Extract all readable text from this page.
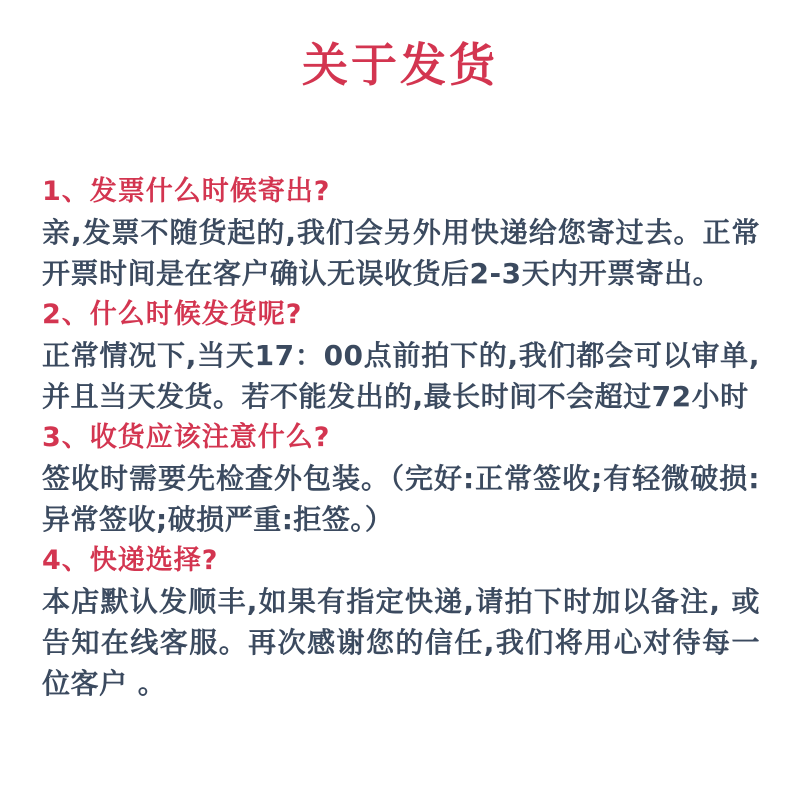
关于发货
1、发票什么时候寄出?
亲,发票不随货起的,我们会另外用快递给您寄过去。正常开票时间是在客户确认无误收货后2-3天内开票寄出。
2、什么时候发货呢?
正常情况下,当天17：00点前拍下的,我们都会可以审单,并且当天发货。若不能发出的,最长时间不会超过72小时
3、收货应该注意什么?
签收时需要先检查外包装。（完好:正常签收;有轻微破损:异常签收;破损严重:拒签。）
4、快递选择?
本店默认发顺丰,如果有指定快递,请拍下时加以备注, 或告知在线客服。再次感谢您的信任,我们将用心对待每一位客户 。
